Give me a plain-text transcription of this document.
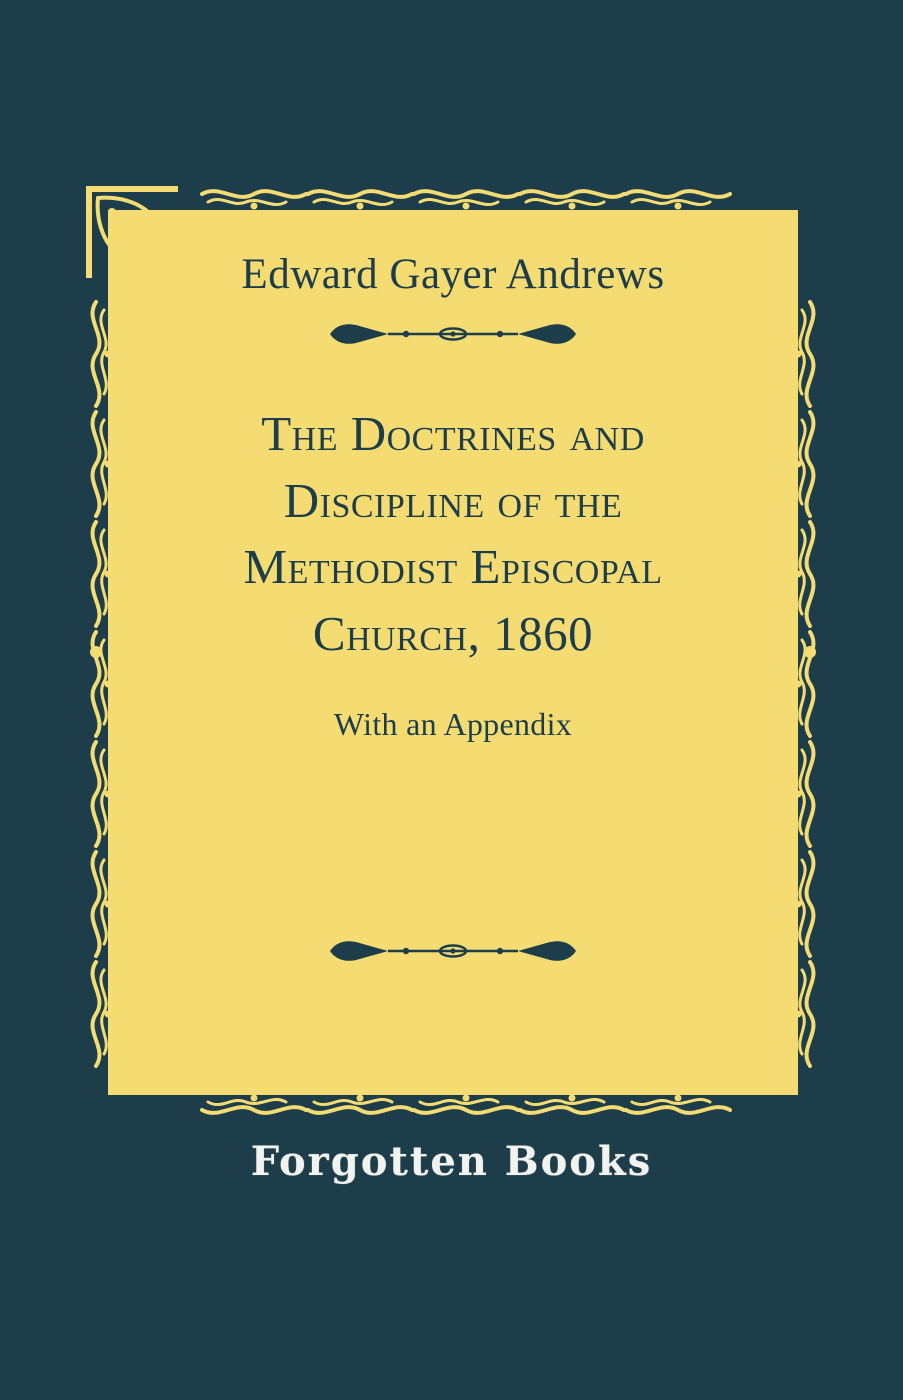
Edward Gayer Andrews
The Doctrines and
Discipline of the
Methodist Episcopal
Church, 1860
With an Appendix
Forgotten Books
